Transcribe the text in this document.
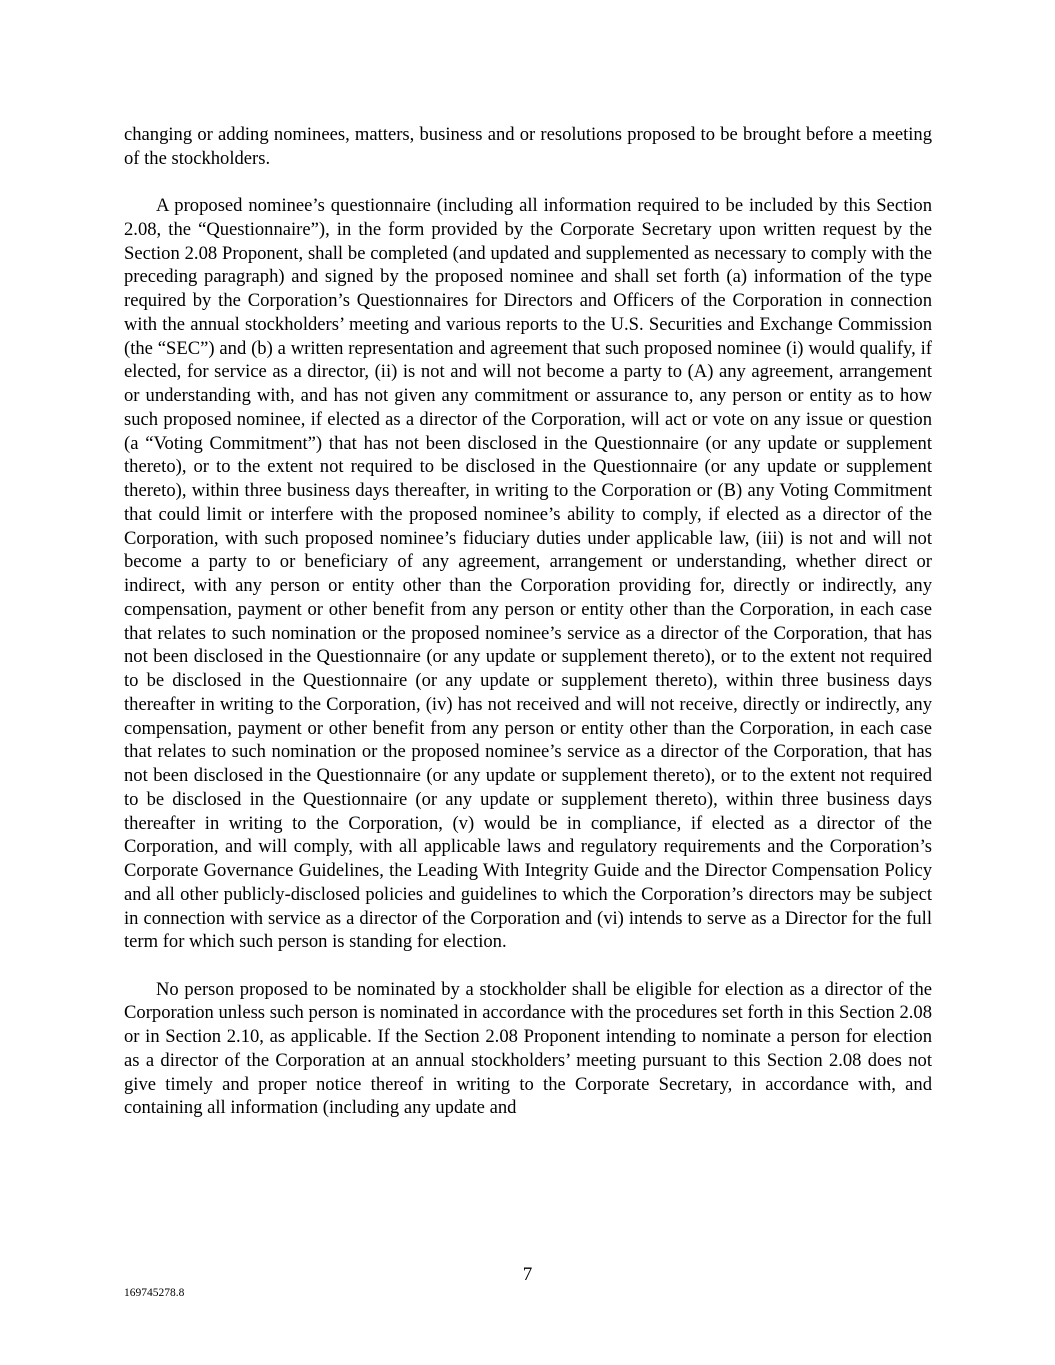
changing or adding nominees, matters, business and or resolutions proposed to be brought before a meeting of the stockholders.

A proposed nominee’s questionnaire (including all information required to be included by this Section 2.08, the “Questionnaire”), in the form provided by the Corporate Secretary upon written request by the Section 2.08 Proponent, shall be completed (and updated and supplemented as necessary to comply with the preceding paragraph) and signed by the proposed nominee and shall set forth (a) information of the type required by the Corporation’s Questionnaires for Directors and Officers of the Corporation in connection with the annual stockholders’ meeting and various reports to the U.S. Securities and Exchange Commission (the “SEC”) and (b) a written representation and agreement that such proposed nominee (i) would qualify, if elected, for service as a director, (ii) is not and will not become a party to (A) any agreement, arrangement or understanding with, and has not given any commitment or assurance to, any person or entity as to how such proposed nominee, if elected as a director of the Corporation, will act or vote on any issue or question (a “Voting Commitment”) that has not been disclosed in the Questionnaire (or any update or supplement thereto), or to the extent not required to be disclosed in the Questionnaire (or any update or supplement thereto), within three business days thereafter, in writing to the Corporation or (B) any Voting Commitment that could limit or interfere with the proposed nominee’s ability to comply, if elected as a director of the Corporation, with such proposed nominee’s fiduciary duties under applicable law, (iii) is not and will not become a party to or beneficiary of any agreement, arrangement or understanding, whether direct or indirect, with any person or entity other than the Corporation providing for, directly or indirectly, any compensation, payment or other benefit from any person or entity other than the Corporation, in each case that relates to such nomination or the proposed nominee’s service as a director of the Corporation, that has not been disclosed in the Questionnaire (or any update or supplement thereto), or to the extent not required to be disclosed in the Questionnaire (or any update or supplement thereto), within three business days thereafter in writing to the Corporation, (iv) has not received and will not receive, directly or indirectly, any compensation, payment or other benefit from any person or entity other than the Corporation, in each case that relates to such nomination or the proposed nominee’s service as a director of the Corporation, that has not been disclosed in the Questionnaire (or any update or supplement thereto), or to the extent not required to be disclosed in the Questionnaire (or any update or supplement thereto), within three business days thereafter in writing to the Corporation, (v) would be in compliance, if elected as a director of the Corporation, and will comply, with all applicable laws and regulatory requirements and the Corporation’s Corporate Governance Guidelines, the Leading With Integrity Guide and the Director Compensation Policy and all other publicly-disclosed policies and guidelines to which the Corporation’s directors may be subject in connection with service as a director of the Corporation and (vi) intends to serve as a Director for the full term for which such person is standing for election.

No person proposed to be nominated by a stockholder shall be eligible for election as a director of the Corporation unless such person is nominated in accordance with the procedures set forth in this Section 2.08 or in Section 2.10, as applicable. If the Section 2.08 Proponent intending to nominate a person for election as a director of the Corporation at an annual stockholders’ meeting pursuant to this Section 2.08 does not give timely and proper notice thereof in writing to the Corporate Secretary, in accordance with, and containing all information (including any update and

7
169745278.8
